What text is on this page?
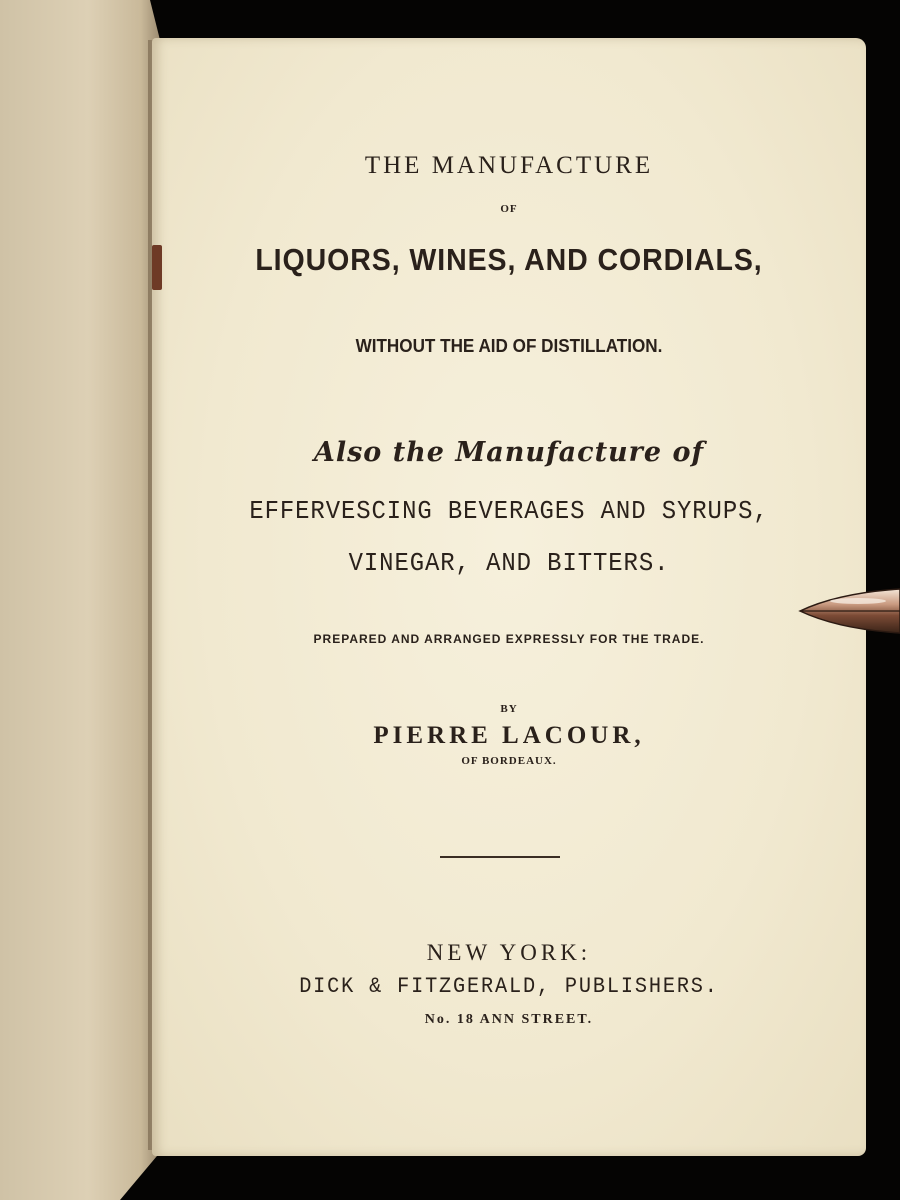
THE MANUFACTURE
OF
LIQUORS, WINES, AND CORDIALS,
WITHOUT THE AID OF DISTILLATION.
Also the Manufacture of
EFFERVESCING BEVERAGES AND SYRUPS,
VINEGAR, AND BITTERS.
PREPARED AND ARRANGED EXPRESSLY FOR THE TRADE.
BY
PIERRE LACOUR,
OF BORDEAUX.
NEW YORK:
DICK & FITZGERALD, PUBLISHERS.
No. 18 ANN STREET.
